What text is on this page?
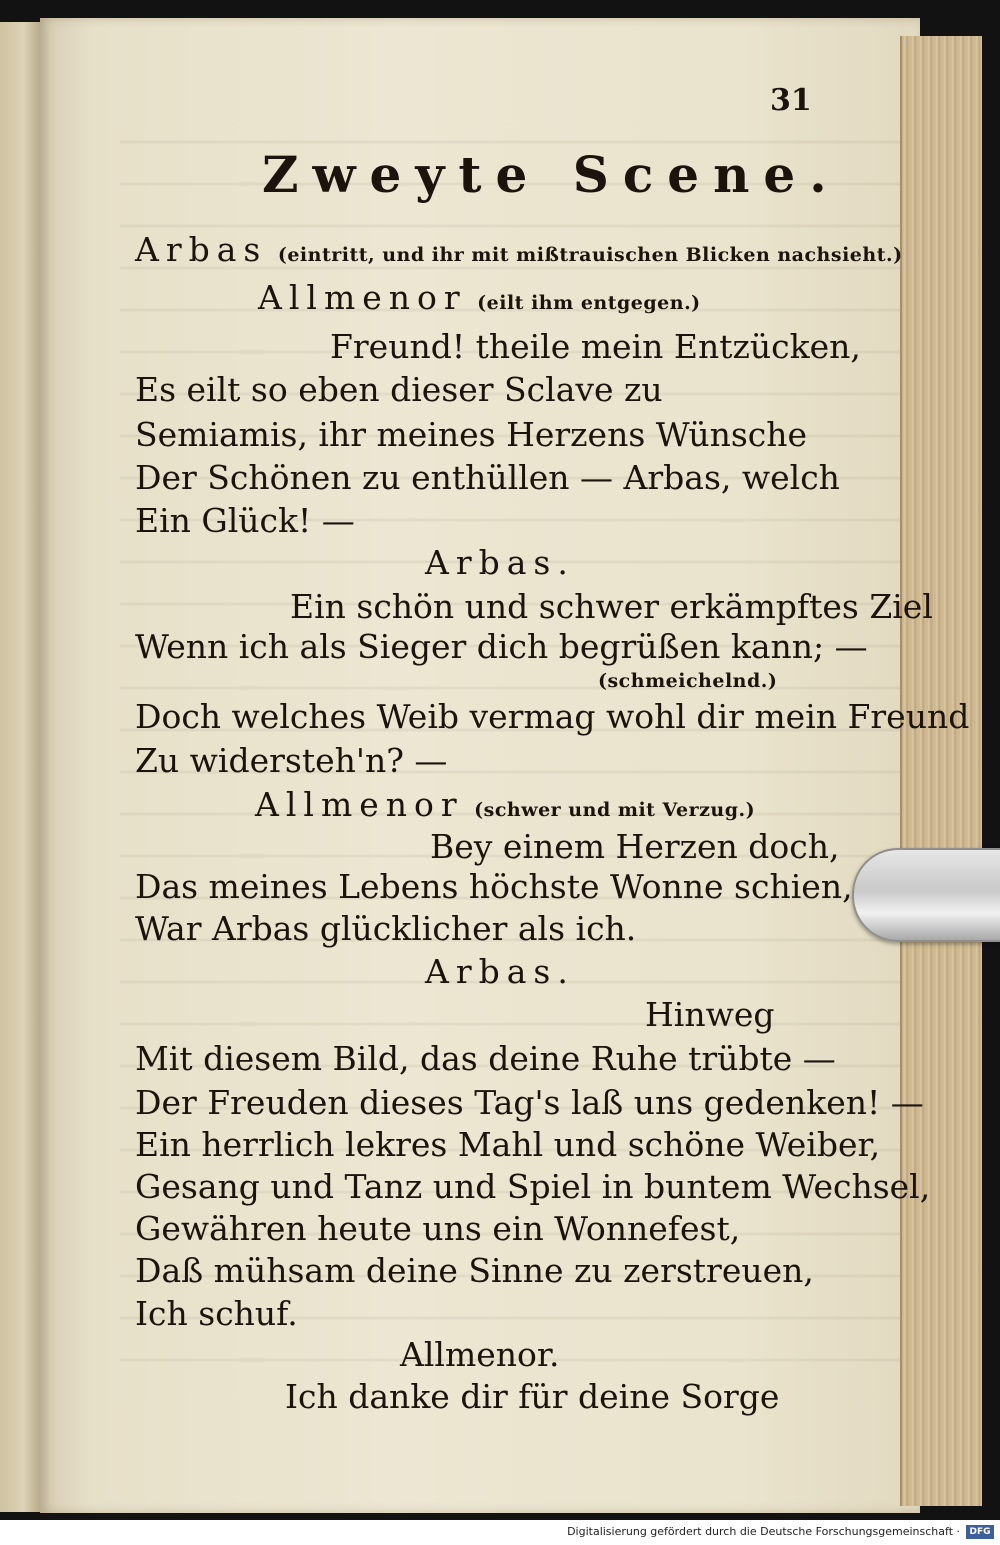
31
Zweyte Scene.
Arbas (eintritt, und ihr mit mißtrauischen Blicken nachsieht.)
Allmenor (eilt ihm entgegen.)
Freund! theile mein Entzücken,
Es eilt so eben dieser Sclave zu
Semiamis, ihr meines Herzens Wünsche
Der Schönen zu enthüllen — Arbas, welch
Ein Glück! —
Arbas.
Ein schön und schwer erkämpftes Ziel
Wenn ich als Sieger dich begrüßen kann; —
(schmeichelnd.)
Doch welches Weib vermag wohl dir mein Freund
Zu widersteh'n? —
Allmenor (schwer und mit Verzug.)
Bey einem Herzen doch,
Das meines Lebens höchste Wonne schien,
War Arbas glücklicher als ich.
Arbas.
Hinweg
Mit diesem Bild, das deine Ruhe trübte —
Der Freuden dieses Tag's laß uns gedenken! —
Ein herrlich lekres Mahl und schöne Weiber,
Gesang und Tanz und Spiel in buntem Wechsel,
Gewähren heute uns ein Wonnefest,
Daß mühsam deine Sinne zu zerstreuen,
Ich schuf.
Allmenor.
Ich danke dir für deine Sorge
Digitalisierung gefördert durch die Deutsche Forschungsgemeinschaft ·	DFG
